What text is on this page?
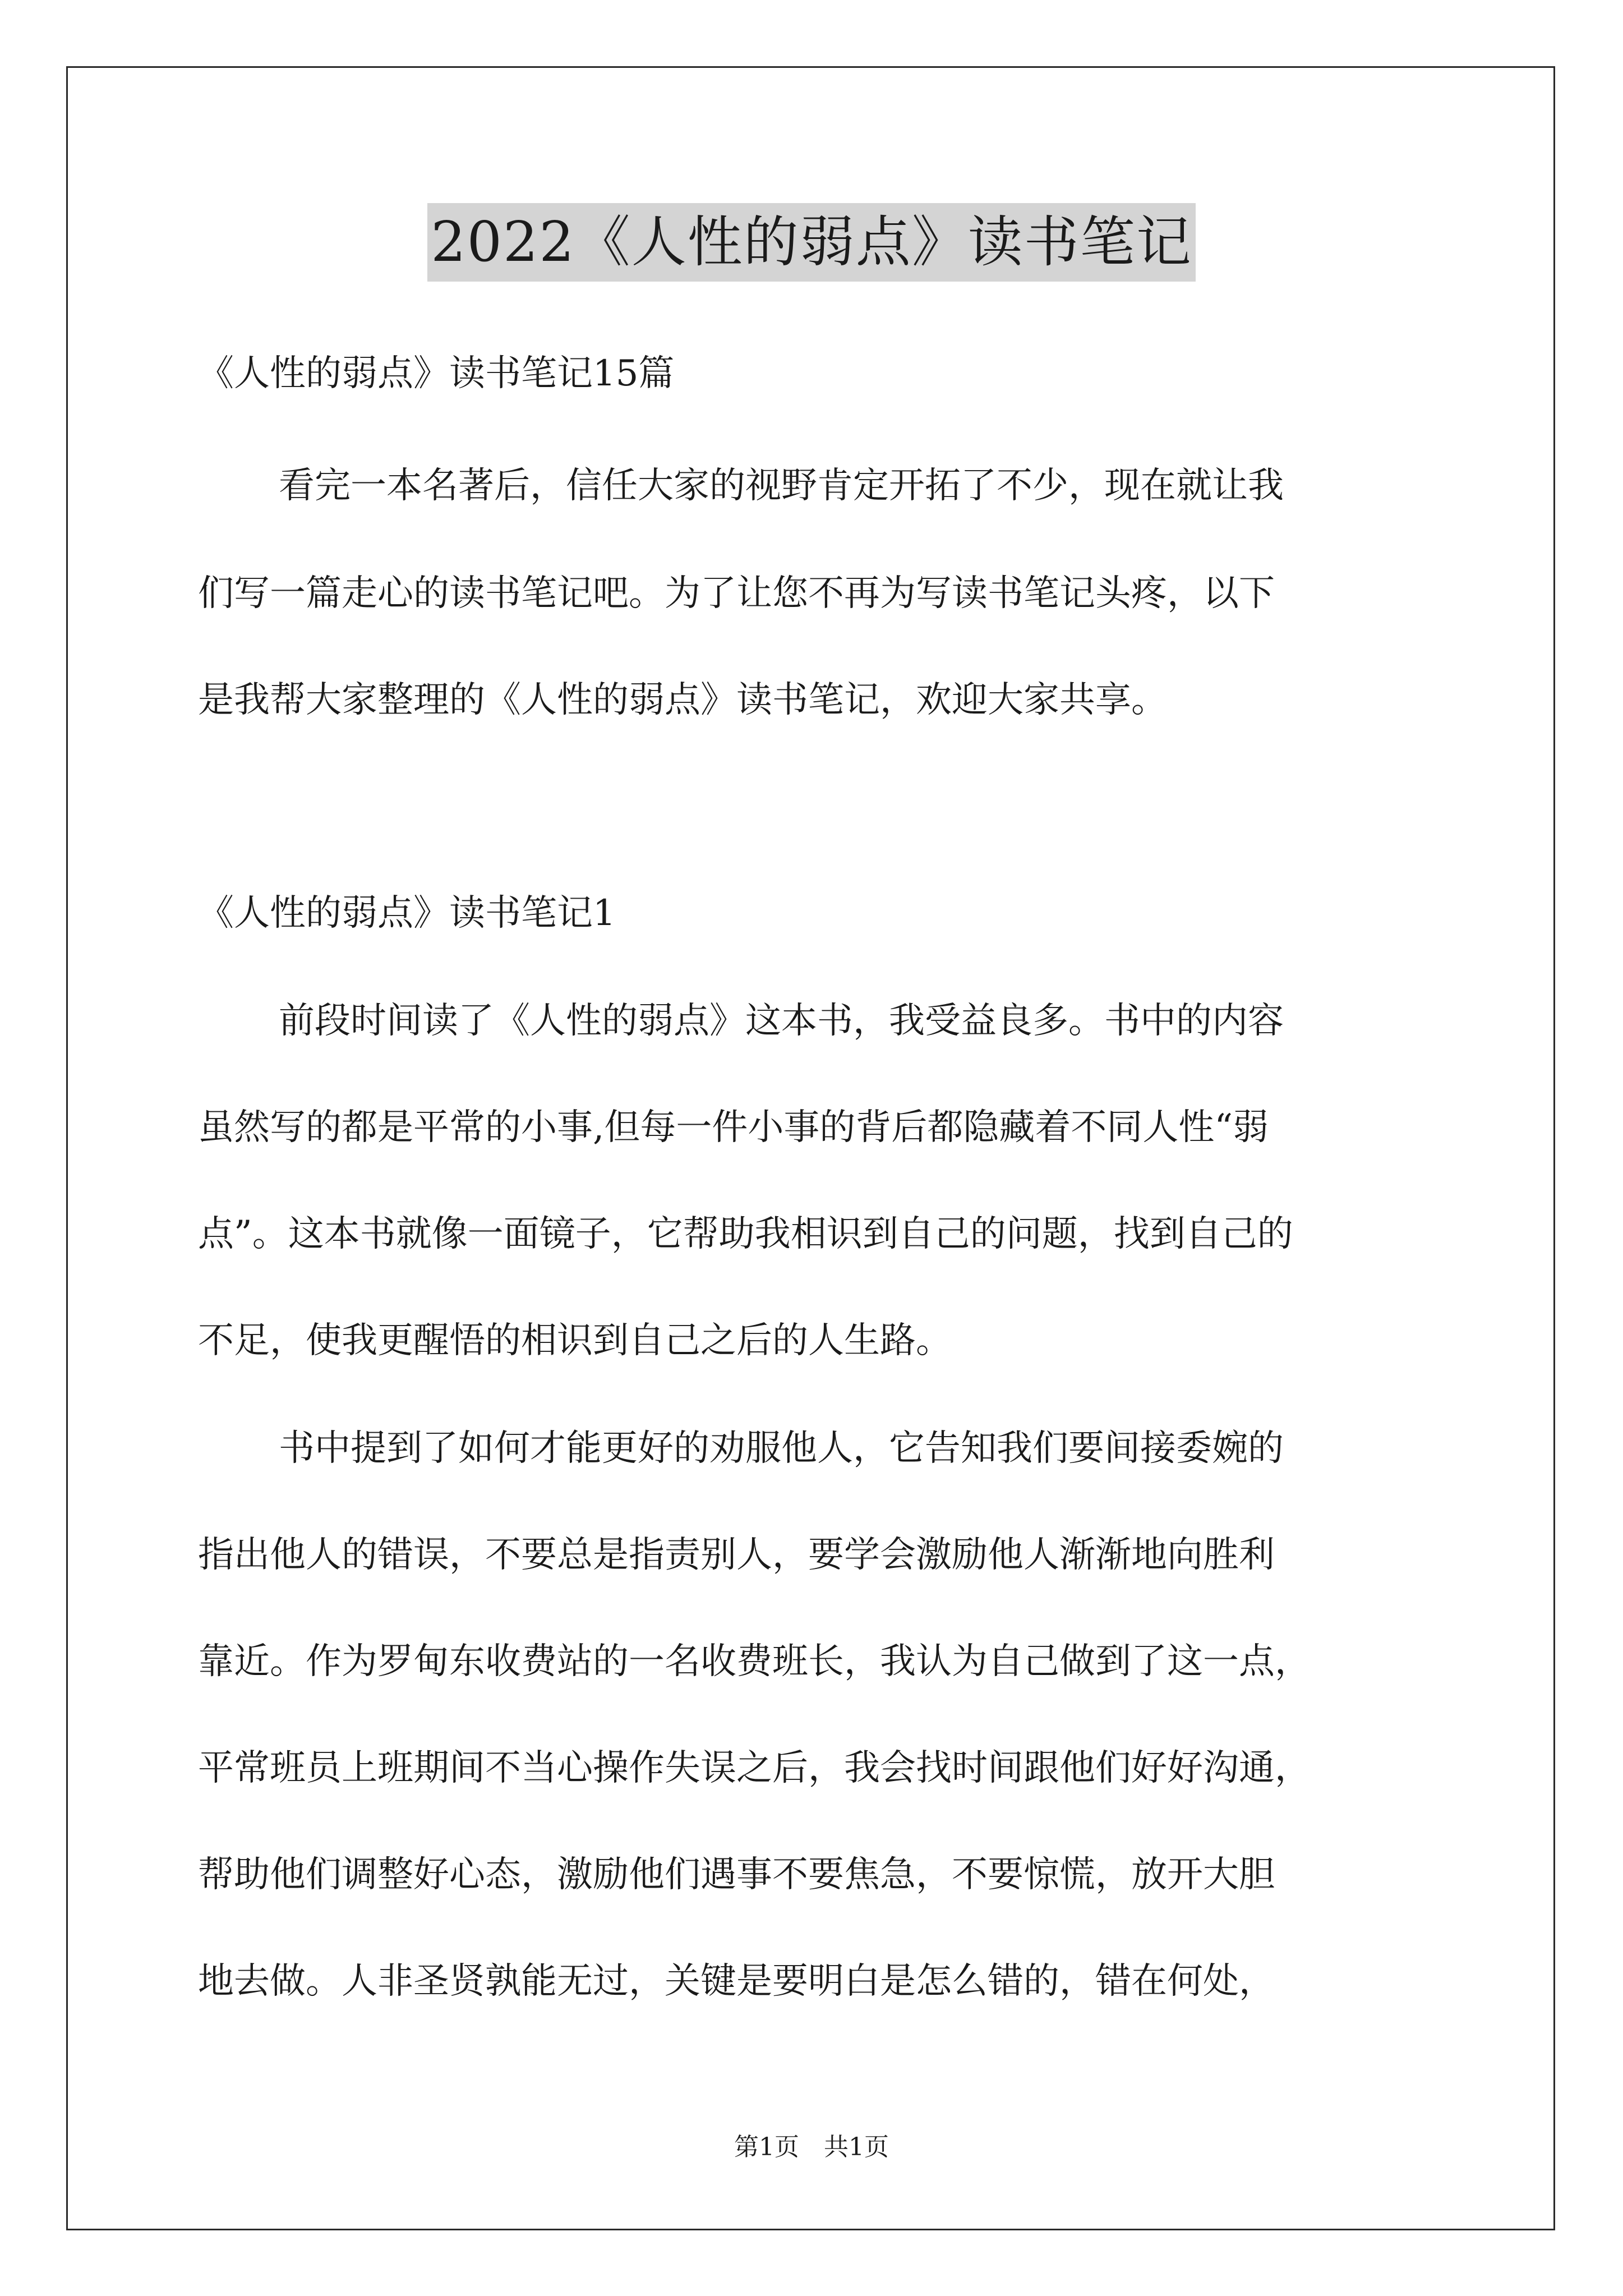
2022《人性的弱点》读书笔记
《人性的弱点》读书笔记15篇
看完一本名著后，信任大家的视野肯定开拓了不少，现在就让我
们写一篇走心的读书笔记吧。为了让您不再为写读书笔记头疼，以下
是我帮大家整理的《人性的弱点》读书笔记，欢迎大家共享。
《人性的弱点》读书笔记1
前段时间读了《人性的弱点》这本书，我受益良多。书中的内容
虽然写的都是平常的小事,但每一件小事的背后都隐藏着不同人性“弱
点”。这本书就像一面镜子，它帮助我相识到自己的问题，找到自己的
不足，使我更醒悟的相识到自己之后的人生路。
书中提到了如何才能更好的劝服他人，它告知我们要间接委婉的
指出他人的错误，不要总是指责别人，要学会激励他人渐渐地向胜利
靠近。作为罗甸东收费站的一名收费班长，我认为自己做到了这一点，
平常班员上班期间不当心操作失误之后，我会找时间跟他们好好沟通，
帮助他们调整好心态，激励他们遇事不要焦急，不要惊慌，放开大胆
地去做。人非圣贤孰能无过，关键是要明白是怎么错的，错在何处，
第1页　共1页
